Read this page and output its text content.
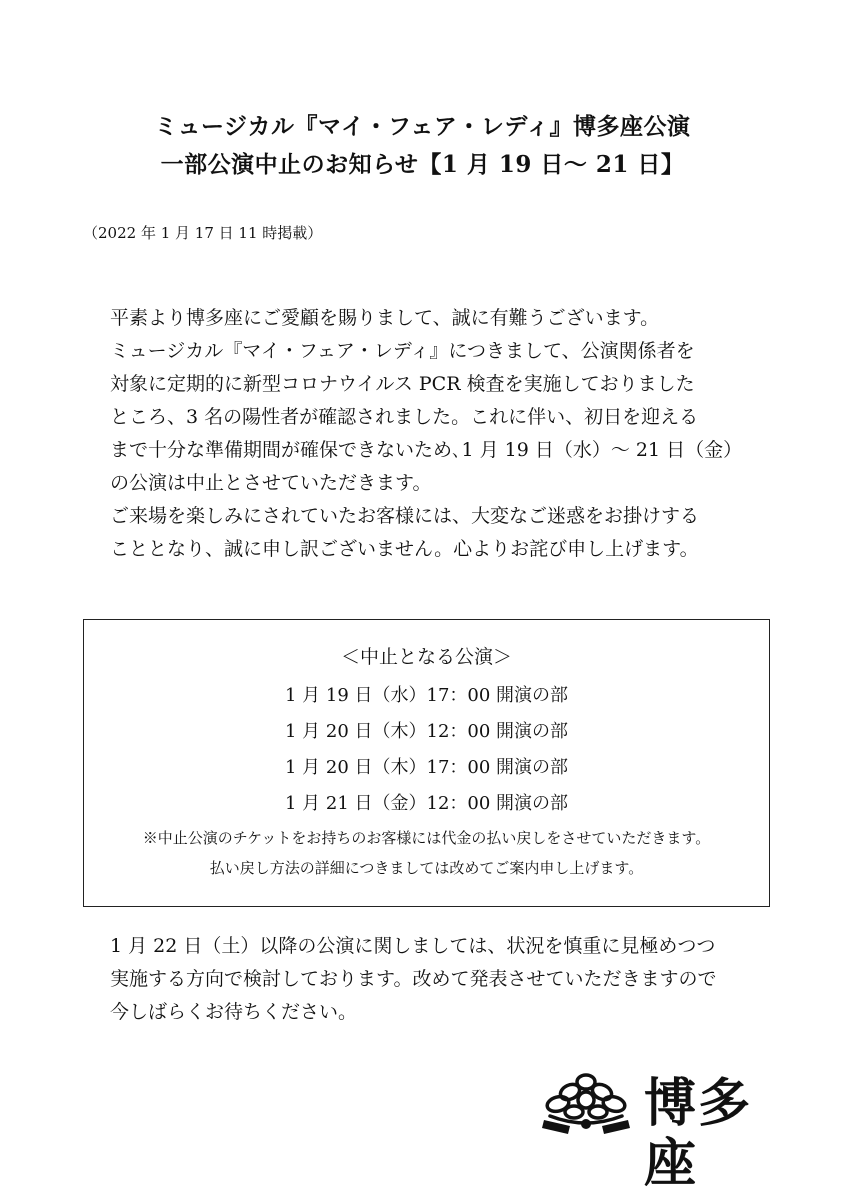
ミュージカル『マイ・フェア・レディ』博多座公演
一部公演中止のお知らせ【1 月 19 日〜 21 日】
（2022 年 1 月 17 日 11 時掲載）
平素より博多座にご愛顧を賜りまして、誠に有難うございます。
ミュージカル『マイ・フェア・レディ』につきまして、公演関係者を
対象に定期的に新型コロナウイルス PCR 検査を実施しておりました
ところ、3 名の陽性者が確認されました。これに伴い、初日を迎える
まで十分な準備期間が確保できないため､1 月 19 日（水）〜 21 日（金）
の公演は中止とさせていただきます。
ご来場を楽しみにされていたお客様には、大変なご迷惑をお掛けする
こととなり、誠に申し訳ございません。心よりお詫び申し上げます。
＜中止となる公演＞
1 月 19 日（水）17：00 開演の部
1 月 20 日（木）12：00 開演の部
1 月 20 日（木）17：00 開演の部
1 月 21 日（金）12：00 開演の部
※中止公演のチケットをお持ちのお客様には代金の払い戻しをさせていただきます。
払い戻し方法の詳細につきましては改めてご案内申し上げます。
1 月 22 日（土）以降の公演に関しましては、状況を慎重に見極めつつ
実施する方向で検討しております。改めて発表させていただきますので
今しばらくお待ちください。
博多座
